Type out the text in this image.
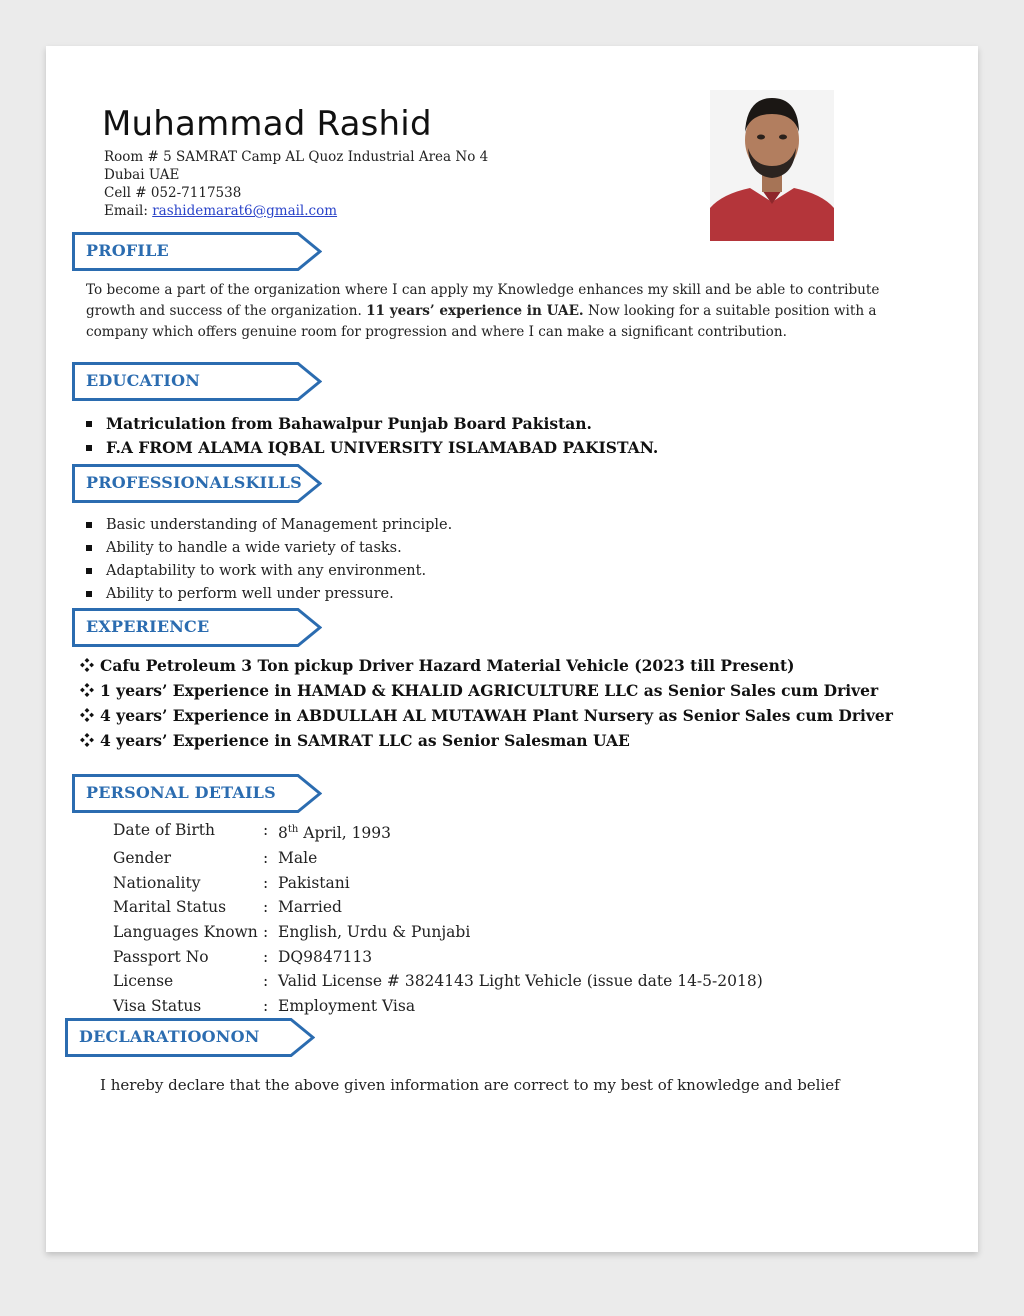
Muhammad Rashid
Room # 5 SAMRAT Camp AL Quoz Industrial Area No 4
Dubai UAE
Cell # 052-7117538
Email: rashidemarat6@gmail.com
PROFILE
To become a part of the organization where I can apply my Knowledge enhances my skill and be able to contribute growth and success of the organization. 11 years’ experience in UAE. Now looking for a suitable position with a company which offers genuine room for progression and where I can make a significant contribution.
EDUCATION
Matriculation from Bahawalpur Punjab Board Pakistan.
F.A FROM ALAMA IQBAL UNIVERSITY ISLAMABAD PAKISTAN.
PROFESSIONALSKILLS
Basic understanding of Management principle.
Ability to handle a wide variety of tasks.
Adaptability to work with any environment.
Ability to perform well under pressure.
EXPERIENCE
Cafu Petroleum 3 Ton pickup Driver Hazard Material Vehicle (2023 till Present)
1 years’ Experience in HAMAD & KHALID AGRICULTURE LLC as Senior Sales cum Driver
4 years’ Experience in ABDULLAH AL MUTAWAH Plant Nursery as Senior Sales cum Driver
4 years’ Experience in SAMRAT LLC as Senior Salesman UAE
PERSONAL DETAILS
Date of Birth	: 8th April, 1993
Gender	: Male
Nationality	: Pakistani
Marital Status	: Married
Languages Known : English, Urdu & Punjabi
Passport No	: DQ9847113
License	: Valid License # 3824143 Light Vehicle (issue date 14-5-2018)
Visa Status	: Employment Visa
DECLARATIOONON
I hereby declare that the above given information are correct to my best of knowledge and belief
